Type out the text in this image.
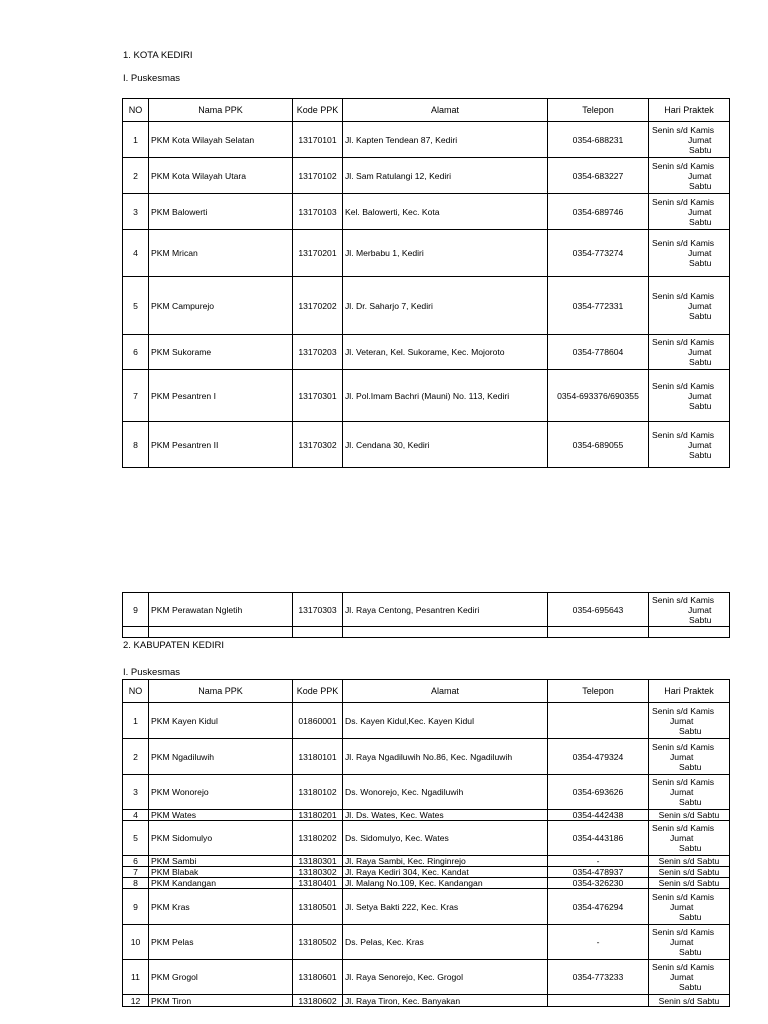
1. KOTA KEDIRI
I. Puskesmas
NO	Nama PPK	Kode PPK	Alamat	Telepon	Hari Praktek
1	PKM Kota Wilayah Selatan	13170101	Jl. Kapten Tendean 87, Kediri	0354-688231	Senin s/d Kamis
Jumat
Sabtu

2	PKM Kota Wilayah Utara	13170102	Jl. Sam Ratulangi 12, Kediri	0354-683227	Senin s/d Kamis
Jumat
Sabtu

3	PKM Balowerti	13170103	Kel. Balowerti, Kec. Kota	0354-689746	Senin s/d Kamis
Jumat
Sabtu

4	PKM Mrican	13170201	Jl. Merbabu 1, Kediri	0354-773274	Senin s/d Kamis
Jumat
Sabtu

5	PKM Campurejo	13170202	Jl. Dr. Saharjo 7, Kediri	0354-772331	Senin s/d Kamis
Jumat
Sabtu

6	PKM Sukorame	13170203	Jl. Veteran, Kel. Sukorame, Kec. Mojoroto	0354-778604	Senin s/d Kamis
Jumat
Sabtu

7	PKM Pesantren I	13170301	Jl. Pol.Imam Bachri (Mauni) No. 113, Kediri	0354-693376/690355	Senin s/d Kamis
Jumat
Sabtu

8	PKM Pesantren II	13170302	Jl. Cendana 30, Kediri	0354-689055	Senin s/d Kamis
Jumat
Sabtu
9	PKM Perawatan Ngletih	13170303	Jl. Raya Centong, Pesantren Kediri	0354-695643	Senin s/d Kamis
Jumat
Sabtu

2. KABUPATEN KEDIRI
I. Puskesmas
NO	Nama PPK	Kode PPK	Alamat	Telepon	Hari Praktek
1	PKM Kayen Kidul	01860001	Ds. Kayen Kidul,Kec. Kayen Kidul		Senin s/d Kamis
Jumat
Sabtu

2	PKM Ngadiluwih	13180101	Jl. Raya Ngadiluwih No.86, Kec. Ngadiluwih	0354-479324	Senin s/d Kamis
Jumat
Sabtu

3	PKM Wonorejo	13180102	Ds. Wonorejo, Kec. Ngadiluwih	0354-693626	Senin s/d Kamis
Jumat
Sabtu

4	PKM Wates	13180201	Jl. Ds. Wates, Kec. Wates	0354-442438	Senin s/d Sabtu
5	PKM Sidomulyo	13180202	Ds. Sidomulyo, Kec. Wates	0354-443186	Senin s/d Kamis
Jumat
Sabtu

6	PKM Sambi	13180301	Jl. Raya Sambi, Kec. Ringinrejo	-	Senin s/d Sabtu
7	PKM Blabak	13180302	Jl. Raya Kediri 304, Kec. Kandat	0354-478937	Senin s/d Sabtu
8	PKM Kandangan	13180401	Jl. Malang No.109, Kec. Kandangan	0354-326230	Senin s/d Sabtu
9	PKM Kras	13180501	Jl. Setya Bakti 222, Kec. Kras	0354-476294	Senin s/d Kamis
Jumat
Sabtu

10	PKM Pelas	13180502	Ds. Pelas, Kec. Kras	-	Senin s/d Kamis
Jumat
Sabtu

11	PKM Grogol	13180601	Jl. Raya Senorejo, Kec. Grogol	0354-773233	Senin s/d Kamis
Jumat
Sabtu

12	PKM Tiron	13180602	Jl. Raya Tiron, Kec. Banyakan		Senin s/d Sabtu
